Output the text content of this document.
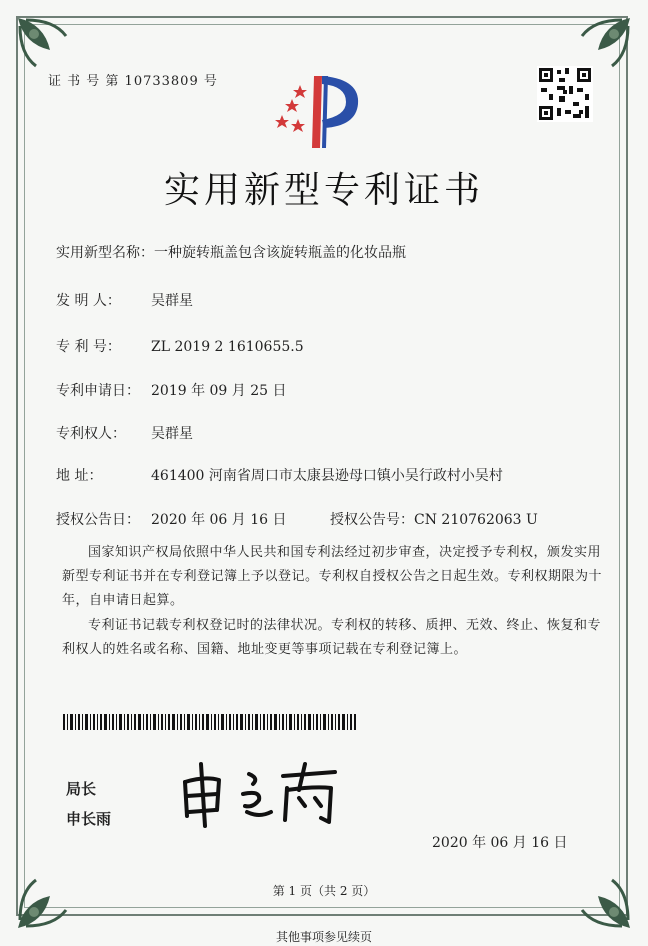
证 书 号 第 10733809 号
实用新型专利证书
实用新型名称：一种旋转瓶盖包含该旋转瓶盖的化妆品瓶
发 明 人： 吴群星
专 利 号： ZL 2019 2 1610655.5
专利申请日： 2019 年 09 月 25 日
专利权人： 吴群星
地 址：	461400 河南省周口市太康县逊母口镇小吴行政村小吴村
授权公告日： 2020 年 06 月 16 日	授权公告号：CN 210762063 U
国家知识产权局依照中华人民共和国专利法经过初步审查，决定授予专利权，颁发实用新型专利证书并在专利登记簿上予以登记。专利权自授权公告之日起生效。专利权期限为十年，自申请日起算。
专利证书记载专利权登记时的法律状况。专利权的转移、质押、无效、终止、恢复和专利权人的姓名或名称、国籍、地址变更等事项记载在专利登记簿上。
局长
申长雨
2020 年 06 月 16 日
第 1 页（共 2 页）
其他事项参见续页
